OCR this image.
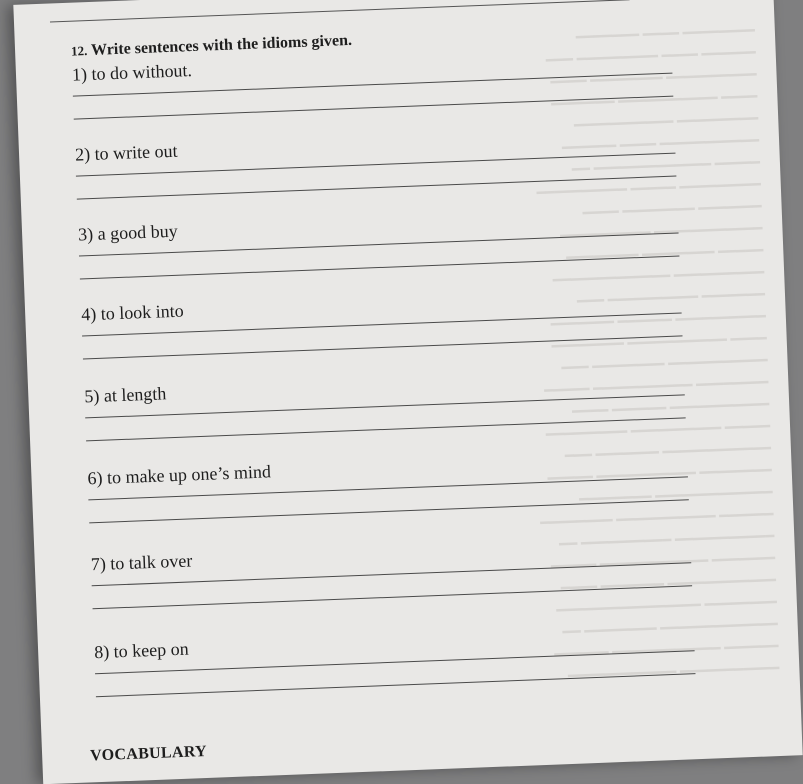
━━━━━━━━ ━━━━ ━━━━━━━
━━━━━━ ━━━━ ━━━━━━━━━ ━━━
━━━━━━━━━━ ━━━━━━━━ ━━━━
━━━━ ━━━━━━━━━━━ ━━━━━━━
━━━━━━━━━ ━━━━━━━━━━━
━━━━━━━━━━━ ━━━━ ━━━━━━
━━━━━ ━━━━━━━━━━━━━ ━━
━━━━━━━━━ ━━━━━ ━━━━━━━━━━
━━━━━━━ ━━━━━━━━ ━━━━
━━━━━━━━━━━━ ━━━━━━━━━━
━━━━━ ━━━━━━━━ ━━━━━━━━
━━━━━━━━━━ ━━━━━━━━━━━━━
━━━━━━━ ━━━━━━━━━━ ━━━
━━━━━━━━━━ ━━━━━━ ━━━━━━━
━━━━ ━━━━━━━━━━━ ━━━━━━━━
━━━━━━━━━━━ ━━━━━━━━ ━━━
━━━━━━━━ ━━━━━━━━━━━ ━━━━━
━━━━━━━━━━━ ━━━━━━ ━━━━
━━━━━ ━━━━━━━━━━ ━━━━━━━━━
━━━━━━━━━━━━ ━━━━━━━ ━━━
━━━━━━━━ ━━━━━━━━━━━ ━━━━━
━━━━━━━━━━━━━ ━━━━━━━━
━━━━━━ ━━━━━━━━━━━ ━━━━━━━━
━━━━━━━━━━━ ━━━━━━━━━━ ━━
━━━━━━━ ━━━━━━━━━━━━ ━━━━━
━━━━━━━━━━━━ ━━━━━━━ ━━━━
━━━━━━━━ ━━━━━━━━━━━━━━━━
━━━━━━━━━━━━━ ━━━━━━━━ ━━
━━━━━━ ━━━━━━━━━━━━ ━━━━━━
━━━━━━━━━━━ ━━━━━━━━━━━━

12. Write sentences with the idioms given.

1) to do without.
2) to write out
3) a good buy
4) to look into
5) at length
6) to make up one’s mind
7) to talk over
8) to keep on
VOCABULARY
